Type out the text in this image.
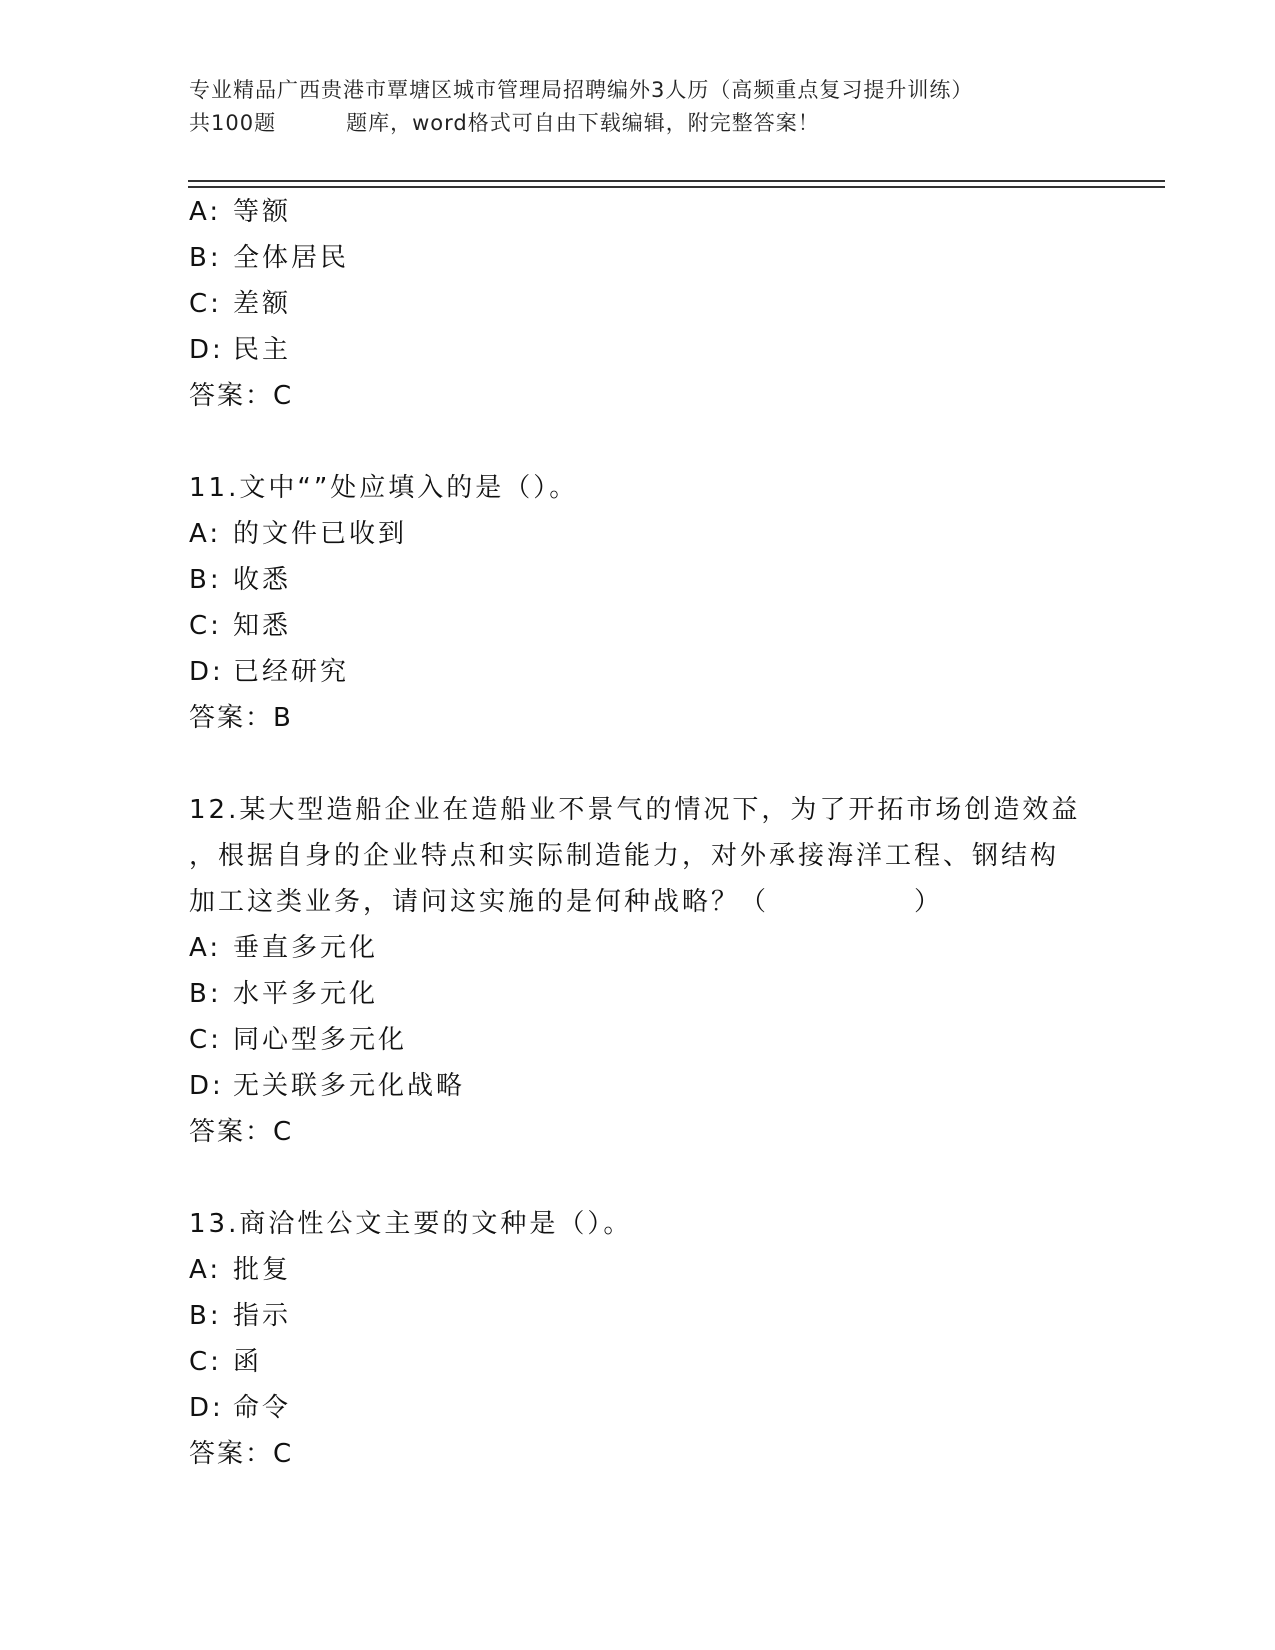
专业精品广西贵港市覃塘区城市管理局招聘编外3人历（高频重点复习提升训练）
共100题	题库，word格式可自由下载编辑，附完整答案！
A: 等额
B: 全体居民
C: 差额
D: 民主
答案：C
11.文中“”处应填入的是（）。
A: 的文件已收到
B: 收悉
C: 知悉
D: 已经研究
答案：B
12.某大型造船企业在造船业不景气的情况下，为了开拓市场创造效益
，根据自身的企业特点和实际制造能力，对外承接海洋工程、钢结构
加工这类业务，请问这实施的是何种战略？（　　　　　）
A: 垂直多元化
B: 水平多元化
C: 同心型多元化
D: 无关联多元化战略
答案：C
13.商洽性公文主要的文种是（）。
A: 批复
B: 指示
C: 函
D: 命令
答案：C
